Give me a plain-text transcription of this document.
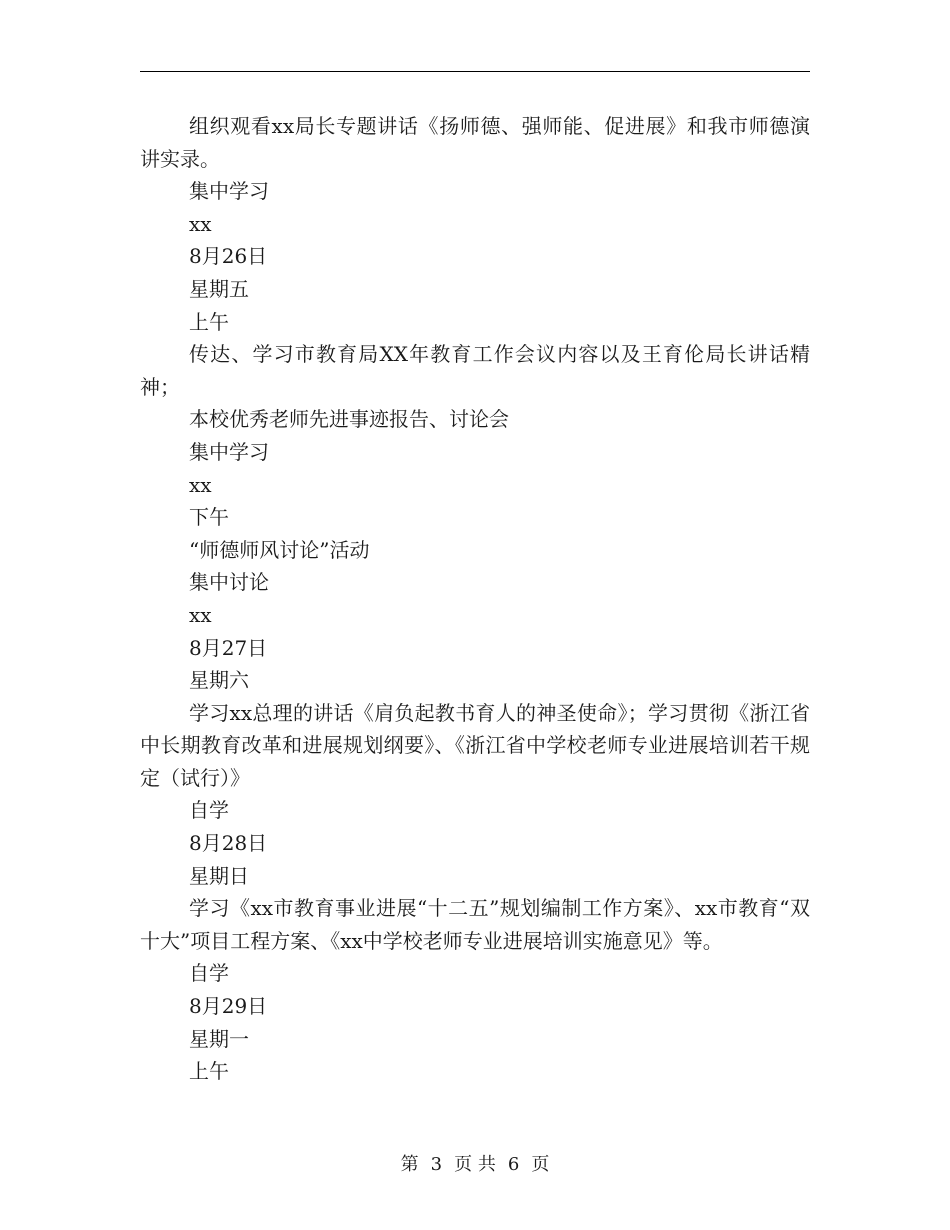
组织观看xx局长专题讲话《扬师德、强师能、促进展》和我市师德演讲实录。

集中学习

xx

8月26日

星期五

上午

传达、学习市教育局XX年教育工作会议内容以及王育伦局长讲话精神；

本校优秀老师先进事迹报告、讨论会

集中学习

xx

下午

“师德师风讨论”活动

集中讨论

xx

8月27日

星期六

学习xx总理的讲话《肩负起教书育人的神圣使命》；学习贯彻《浙江省中长期教育改革和进展规划纲要》、《浙江省中学校老师专业进展培训若干规定（试行）》

自学

8月28日

星期日

学习《xx市教育事业进展“十二五”规划编制工作方案》、xx市教育“双十大”项目工程方案、《xx中学校老师专业进展培训实施意见》等。

自学

8月29日

星期一

上午

第 3 页 共 6 页
